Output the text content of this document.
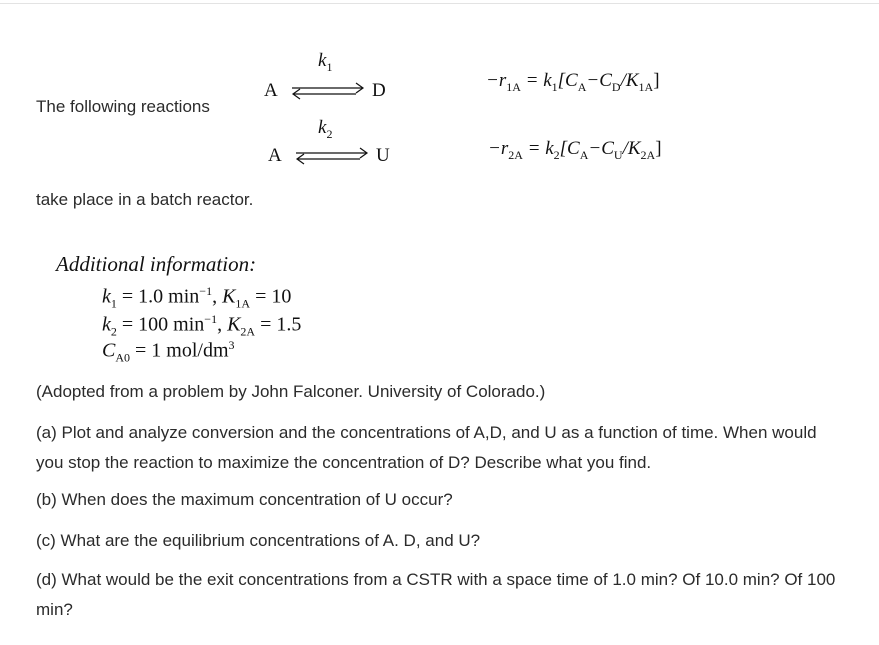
The following reactions
$k_1$
A	D
$k_2$
A	U
$-r_{1A} = k_1[C_A-C_D/K_{1A}]$
$-r_{2A} = k_2[C_A-C_U/K_{2A}]$
take place in a batch reactor.
Additional information:
$k_1 = 1.0$ $\min^{-1}$, $K_{1A} = 10$
$k_2 = 100$ $\min^{-1}$, $K_{2A} = 1.5$
$C_{A0} = 1$ mol/$dm^3$
(Adopted from a problem by John Falconer. University of Colorado.)
(a) Plot and analyze conversion and the concentrations of A,D, and U as a function of time. When would you stop the reaction to maximize the concentration of D? Describe what you find.
(b) When does the maximum concentration of U occur?
(c) What are the equilibrium concentrations of A. D, and U?
(d) What would be the exit concentrations from a CSTR with a space time of 1.0 min? Of 10.0 min? Of 100 min?
